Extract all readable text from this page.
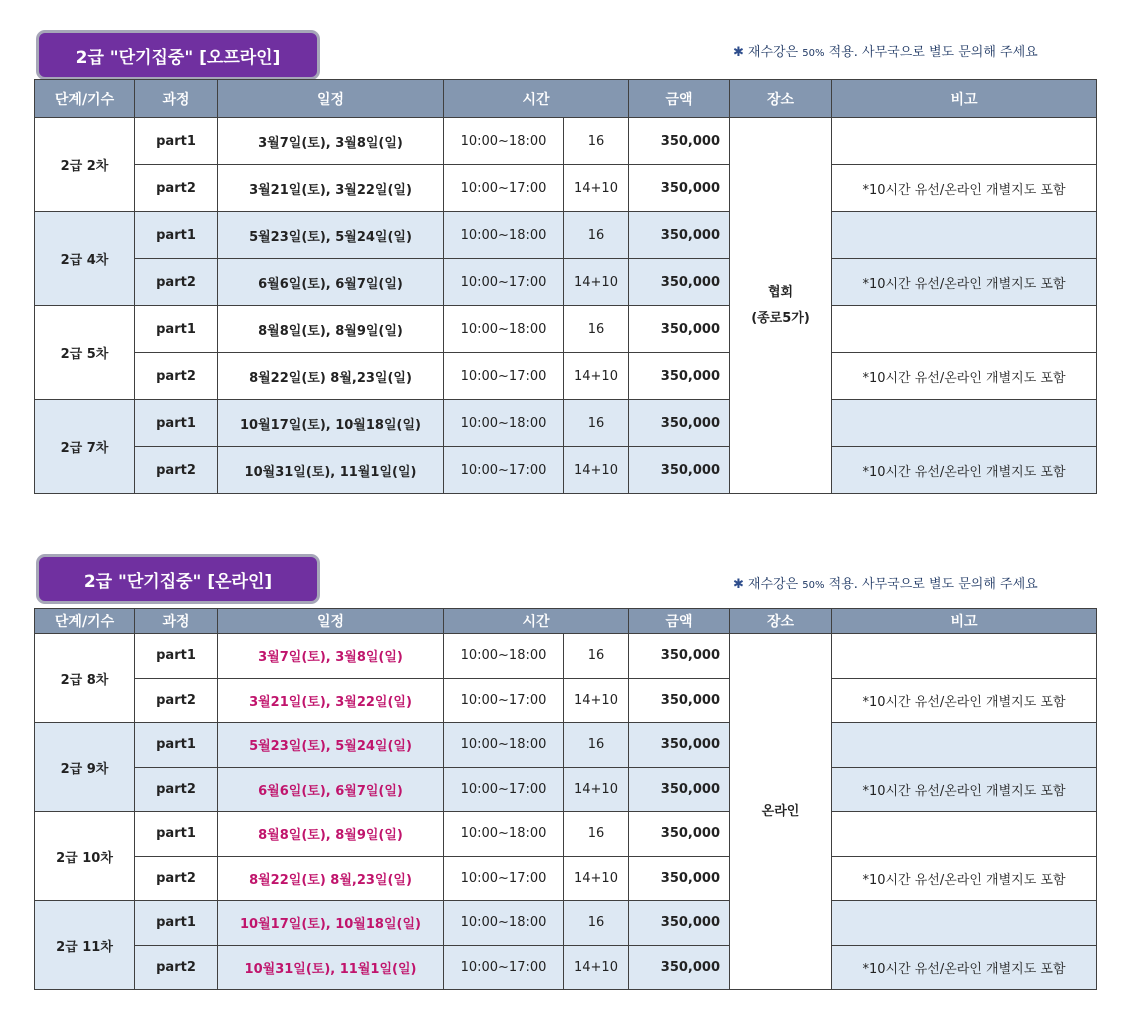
2급 "단기집중" [오프라인]	✱ 재수강은 50% 적용. 사무국으로 별도 문의해 주세요
단계/기수	과정	일정	시간		금액	장소	비고
2급 2차	part1	3월7일(토), 3월8일(일)	10:00~18:00	16	350,000	협회
(종로5가)	

	part2	3월21일(토), 3월22일(일)	10:00~17:00	14+10	350,000		*10시간 유선/온라인 개별지도 포함
2급 4차	part1	5월23일(토), 5월24일(일)	10:00~18:00	16	350,000		
	part2	6월6일(토), 6월7일(일)	10:00~17:00	14+10	350,000		*10시간 유선/온라인 개별지도 포함
2급 5차	part1	8월8일(토), 8월9일(일)	10:00~18:00	16	350,000		
	part2	8월22일(토) 8월,23일(일)	10:00~17:00	14+10	350,000		*10시간 유선/온라인 개별지도 포함
2급 7차	part1	10월17일(토), 10월18일(일)	10:00~18:00	16	350,000		
	part2	10월31일(토), 11월1일(일)	10:00~17:00	14+10	350,000		*10시간 유선/온라인 개별지도 포함
2급 "단기집중" [온라인]	✱ 재수강은 50% 적용. 사무국으로 별도 문의해 주세요
단계/기수	과정	일정	시간		금액	장소	비고
2급 8차	part1	3월7일(토), 3월8일(일)	10:00~18:00	16	350,000	온라인	

	part2	3월21일(토), 3월22일(일)	10:00~17:00	14+10	350,000		*10시간 유선/온라인 개별지도 포함
2급 9차	part1	5월23일(토), 5월24일(일)	10:00~18:00	16	350,000		
	part2	6월6일(토), 6월7일(일)	10:00~17:00	14+10	350,000		*10시간 유선/온라인 개별지도 포함
2급 10차	part1	8월8일(토), 8월9일(일)	10:00~18:00	16	350,000		
	part2	8월22일(토) 8월,23일(일)	10:00~17:00	14+10	350,000		*10시간 유선/온라인 개별지도 포함
2급 11차	part1	10월17일(토), 10월18일(일)	10:00~18:00	16	350,000		
	part2	10월31일(토), 11월1일(일)	10:00~17:00	14+10	350,000		*10시간 유선/온라인 개별지도 포함
